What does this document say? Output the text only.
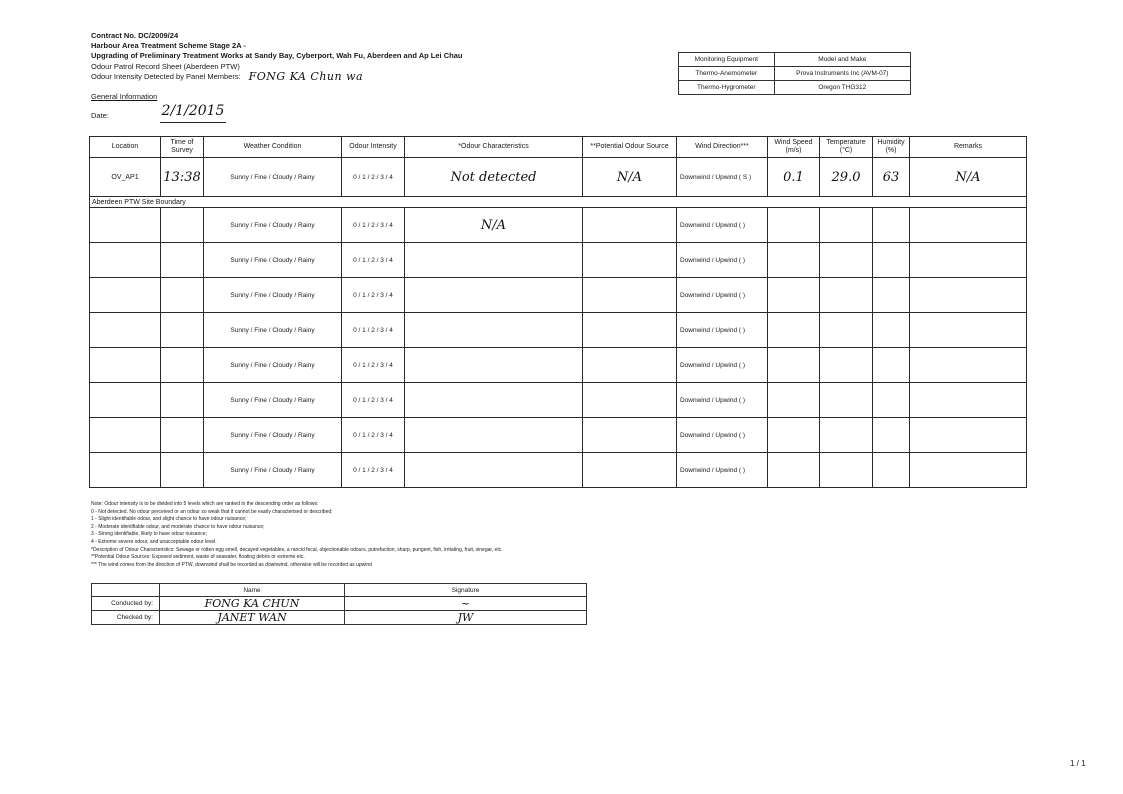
Contract No. DC/2009/24
Harbour Area Treatment Scheme Stage 2A -
Upgrading of Preliminary Treatment Works at Sandy Bay, Cyberport, Wah Fu, Aberdeen and Ap Lei Chau
Odour Patrol Record Sheet (Aberdeen PTW)
Odour Intensity Detected by Panel Members: FONG KA Chun wa
General Information
Date:	2/1/2015
Monitoring Equipment	Model and Make
Thermo-Anemometer	Prova Instruments Inc (AVM-07)
Thermo-Hygrometer	Oregon THG312
Location	Time of Survey	Weather Condition	Odour Intensity	*Odour Characteristics	**Potential Odour Source	Wind Direction***	Wind Speed (m/s)	Temperature (°C)	Humidity (%)	Remarks
OV_AP1	13:38	Sunny / Fine / Cloudy / Rainy	0 / 1 / 2 / 3 / 4	Not detected	N/A	Downwind / Upwind ( S )	0.1	29.0	63	N/A
Aberdeen PTW Site Boundary										
		Sunny / Fine / Cloudy / Rainy	0 / 1 / 2 / 3 / 4	N/A		Downwind / Upwind ( )				
		Sunny / Fine / Cloudy / Rainy	0 / 1 / 2 / 3 / 4			Downwind / Upwind ( )				
		Sunny / Fine / Cloudy / Rainy	0 / 1 / 2 / 3 / 4			Downwind / Upwind ( )				
		Sunny / Fine / Cloudy / Rainy	0 / 1 / 2 / 3 / 4			Downwind / Upwind ( )				
		Sunny / Fine / Cloudy / Rainy	0 / 1 / 2 / 3 / 4			Downwind / Upwind ( )				
		Sunny / Fine / Cloudy / Rainy	0 / 1 / 2 / 3 / 4			Downwind / Upwind ( )				
		Sunny / Fine / Cloudy / Rainy	0 / 1 / 2 / 3 / 4			Downwind / Upwind ( )				
		Sunny / Fine / Cloudy / Rainy	0 / 1 / 2 / 3 / 4			Downwind / Upwind ( )				
Note: Odour intensity is to be divided into 5 levels which are ranked in the descending order as follows:
0 - Not detected. No odour perceived or an odour so weak that it cannot be easily characterised or described;
1 - Slight identifiable odour, and slight chance to have odour nuisance;
2 - Moderate identifiable odour, and moderate chance to have odour nuisance;
3 - Strong identifiable, likely to have odour nuisance;
4 - Extreme severe odour, and unacceptable odour level.
*Description of Odour Characteristics: Sewage or rotten egg smell, decayed vegetables, a rancid fecal, objectionable odours, putrefaction, sharp, pungent, fish, irritating, fruit, vinegar, etc.
**Potential Odour Sources: Exposed sediment, waste of seawater, floating debris or extreme etc.
*** The wind comes from the direction of PTW, downwind shall be recorded as downwind, otherwise will be recorded as upwind
	Name	Signature
Conducted by:	FONG KA CHUN	~
Checked by:	JANET WAN	JW
1 / 1
